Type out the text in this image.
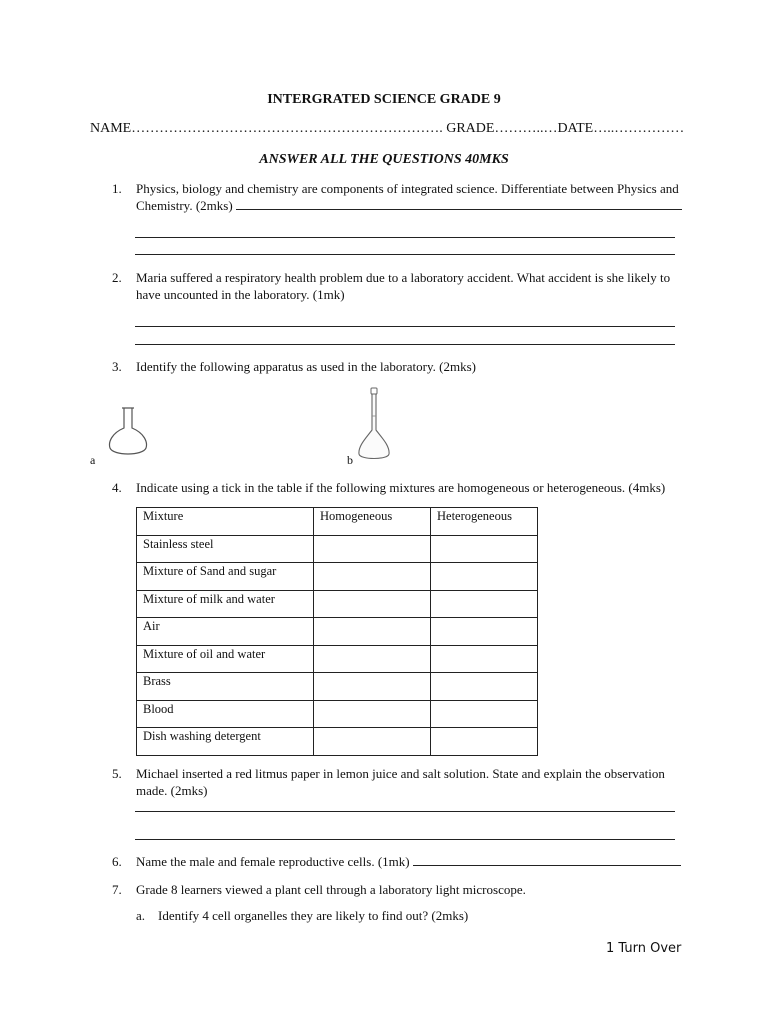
INTERGRATED SCIENCE GRADE 9
NAME…………………………………………………………. GRADE………..…DATE…..……………
ANSWER ALL THE QUESTIONS 40MKS
1. Physics, biology and chemistry are components of integrated science. Differentiate between Physics and Chemistry. (2mks)
2. Maria suffered a respiratory health problem due to a laboratory accident. What accident is she likely to have uncounted in the laboratory. (1mk)
3. Identify the following apparatus as used in the laboratory. (2mks)
a	b
4. Indicate using a tick in the table if the following mixtures are homogeneous or heterogeneous. (4mks)
Mixture	Homogeneous	Heterogeneous
Stainless steel		
Mixture of Sand and sugar		
Mixture of milk and water		
Air		
Mixture of oil and water		
Brass		
Blood		
Dish washing detergent		
5. Michael inserted a red litmus paper in lemon juice and salt solution. State and explain the observation made. (2mks)
6. Name the male and female reproductive cells. (1mk)
7. Grade 8 learners viewed a plant cell through a laboratory light microscope.
a. Identify 4 cell organelles they are likely to find out? (2mks)
1 Turn Over
